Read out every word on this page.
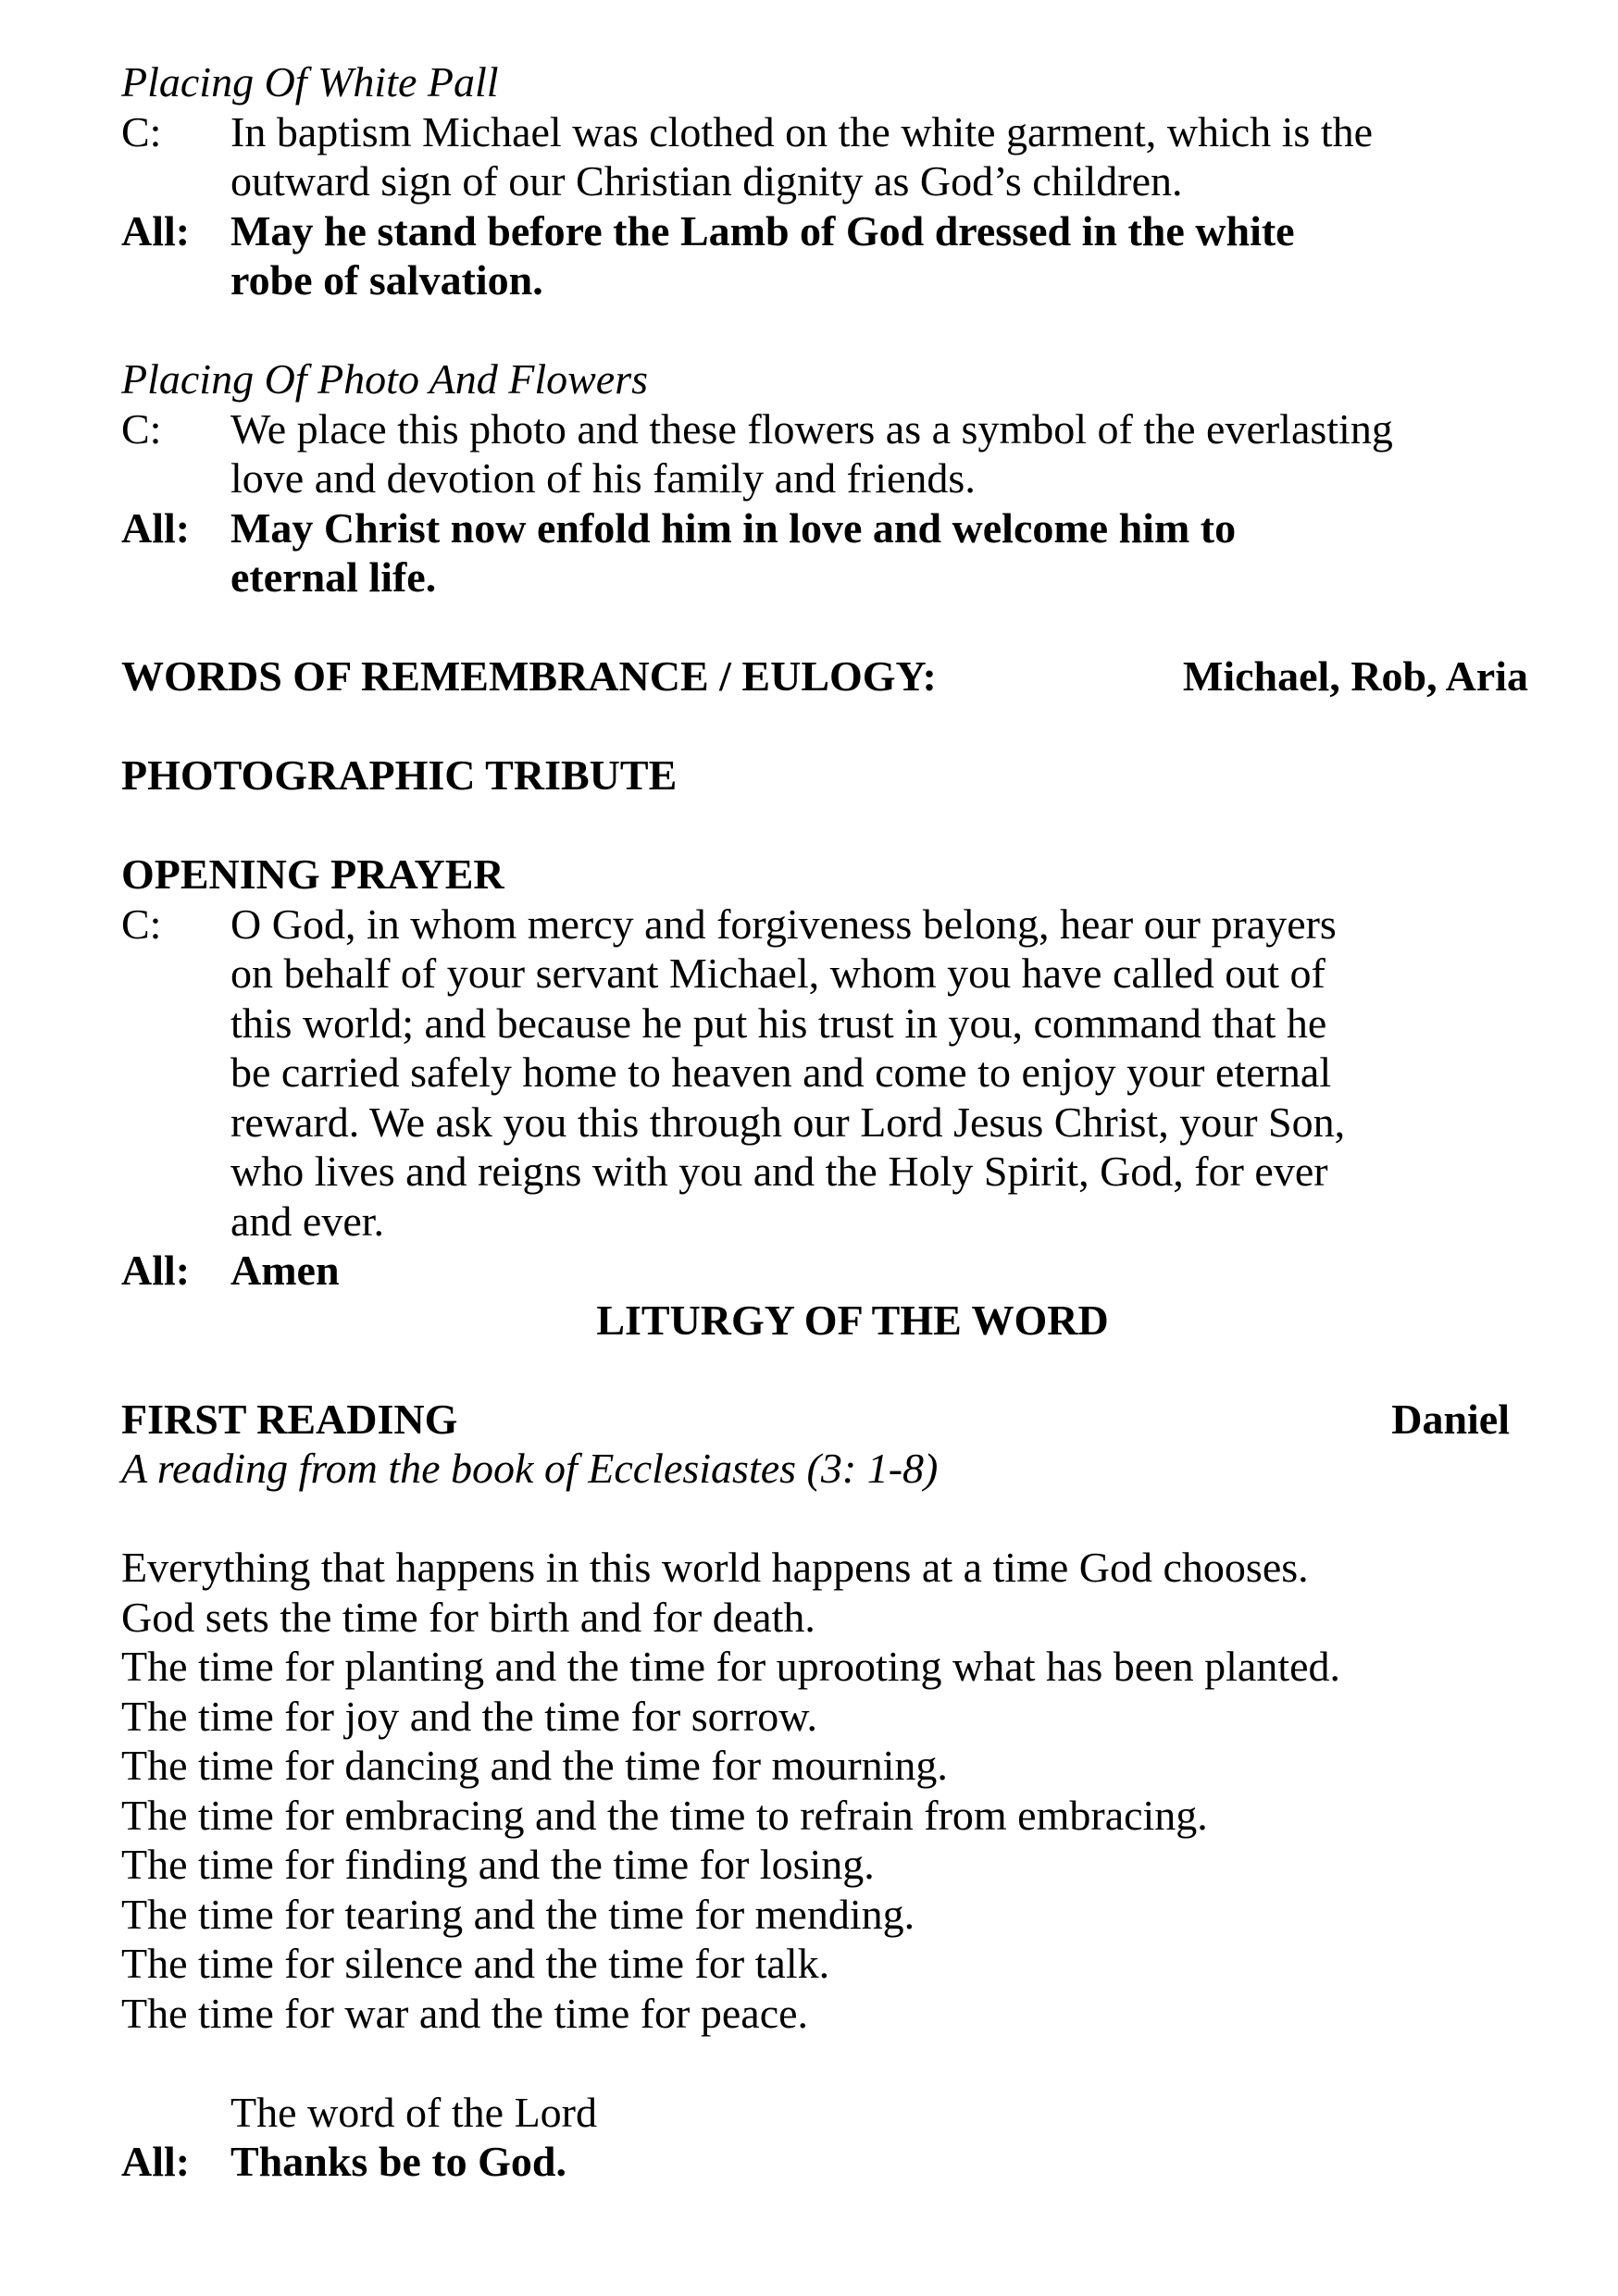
Placing Of White Pall
C:	In baptism Michael was clothed on the white garment, which is the
outward sign of our Christian dignity as God’s children.
All: May he stand before the Lamb of God dressed in the white
robe of salvation.
Placing Of Photo And Flowers
C:	We place this photo and these flowers as a symbol of the everlasting
love and devotion of his family and friends.
All: May Christ now enfold him in love and welcome him to
eternal life.
WORDS OF REMEMBRANCE / EULOGY:	Michael, Rob, Aria
PHOTOGRAPHIC TRIBUTE
OPENING PRAYER
C:	O God, in whom mercy and forgiveness belong, hear our prayers
on behalf of your servant Michael, whom you have called out of
this world; and because he put his trust in you, command that he
be carried safely home to heaven and come to enjoy your eternal
reward. We ask you this through our Lord Jesus Christ, your Son,
who lives and reigns with you and the Holy Spirit, God, for ever
and ever.
All: Amen
LITURGY OF THE WORD
FIRST READING	Daniel
A reading from the book of Ecclesiastes (3: 1-8)
Everything that happens in this world happens at a time God chooses.
God sets the time for birth and for death.
The time for planting and the time for uprooting what has been planted.
The time for joy and the time for sorrow.
The time for dancing and the time for mourning.
The time for embracing and the time to refrain from embracing.
The time for finding and the time for losing.
The time for tearing and the time for mending.
The time for silence and the time for talk.
The time for war and the time for peace.
The word of the Lord
All: Thanks be to God.
